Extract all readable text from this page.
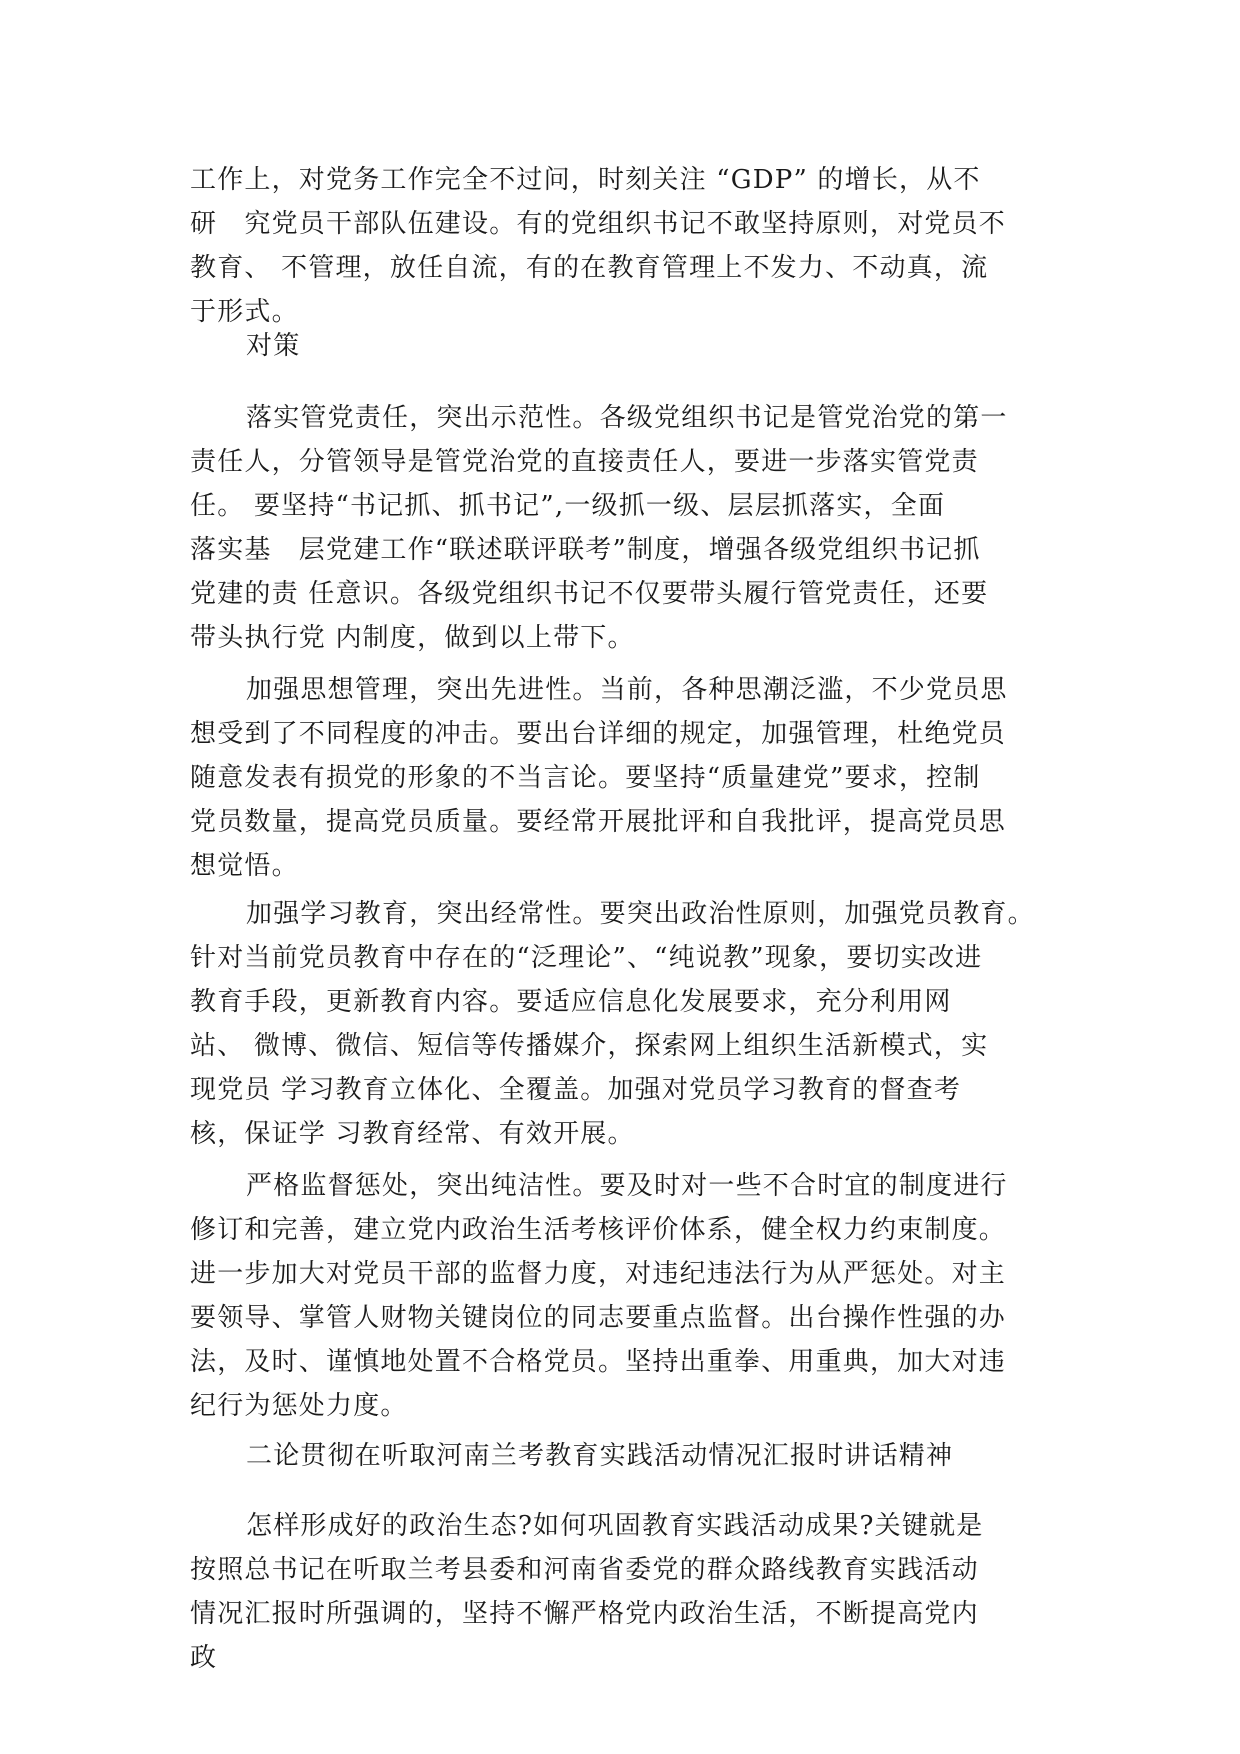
工作上，对党务工作完全不过问，时刻关注 “GDP” 的增长，从不
研　究党员干部队伍建设。有的党组织书记不敢坚持原则，对党员不
教育、 不管理，放任自流，有的在教育管理上不发力、不动真，流
于形式。
对策
落实管党责任，突出示范性。各级党组织书记是管党治党的第一
责任人，分管领导是管党治党的直接责任人，要进一步落实管党责
任。 要坚持“书记抓、抓书记”,一级抓一级、层层抓落实，全面
落实基　层党建工作“联述联评联考”制度，增强各级党组织书记抓
党建的责 任意识。各级党组织书记不仅要带头履行管党责任，还要
带头执行党 内制度，做到以上带下。
加强思想管理，突出先进性。当前，各种思潮泛滥，不少党员思
想受到了不同程度的冲击。要出台详细的规定，加强管理，杜绝党员
随意发表有损党的形象的不当言论。要坚持“质量建党”要求，控制
党员数量，提高党员质量。要经常开展批评和自我批评，提高党员思
想觉悟。
加强学习教育，突出经常性。要突出政治性原则，加强党员教育。
针对当前党员教育中存在的“泛理论”、“纯说教”现象，要切实改进
教育手段，更新教育内容。要适应信息化发展要求，充分利用网
站、 微博、微信、短信等传播媒介，探索网上组织生活新模式，实
现党员 学习教育立体化、全覆盖。加强对党员学习教育的督查考
核，保证学 习教育经常、有效开展。
严格监督惩处，突出纯洁性。要及时对一些不合时宜的制度进行
修订和完善，建立党内政治生活考核评价体系，健全权力约束制度。
进一步加大对党员干部的监督力度，对违纪违法行为从严惩处。对主
要领导、掌管人财物关键岗位的同志要重点监督。出台操作性强的办
法，及时、谨慎地处置不合格党员。坚持出重拳、用重典，加大对违
纪行为惩处力度。
二论贯彻在听取河南兰考教育实践活动情况汇报时讲话精神
怎样形成好的政治生态?如何巩固教育实践活动成果?关键就是
按照总书记在听取兰考县委和河南省委党的群众路线教育实践活动
情况汇报时所强调的，坚持不懈严格党内政治生活，不断提高党内
政
